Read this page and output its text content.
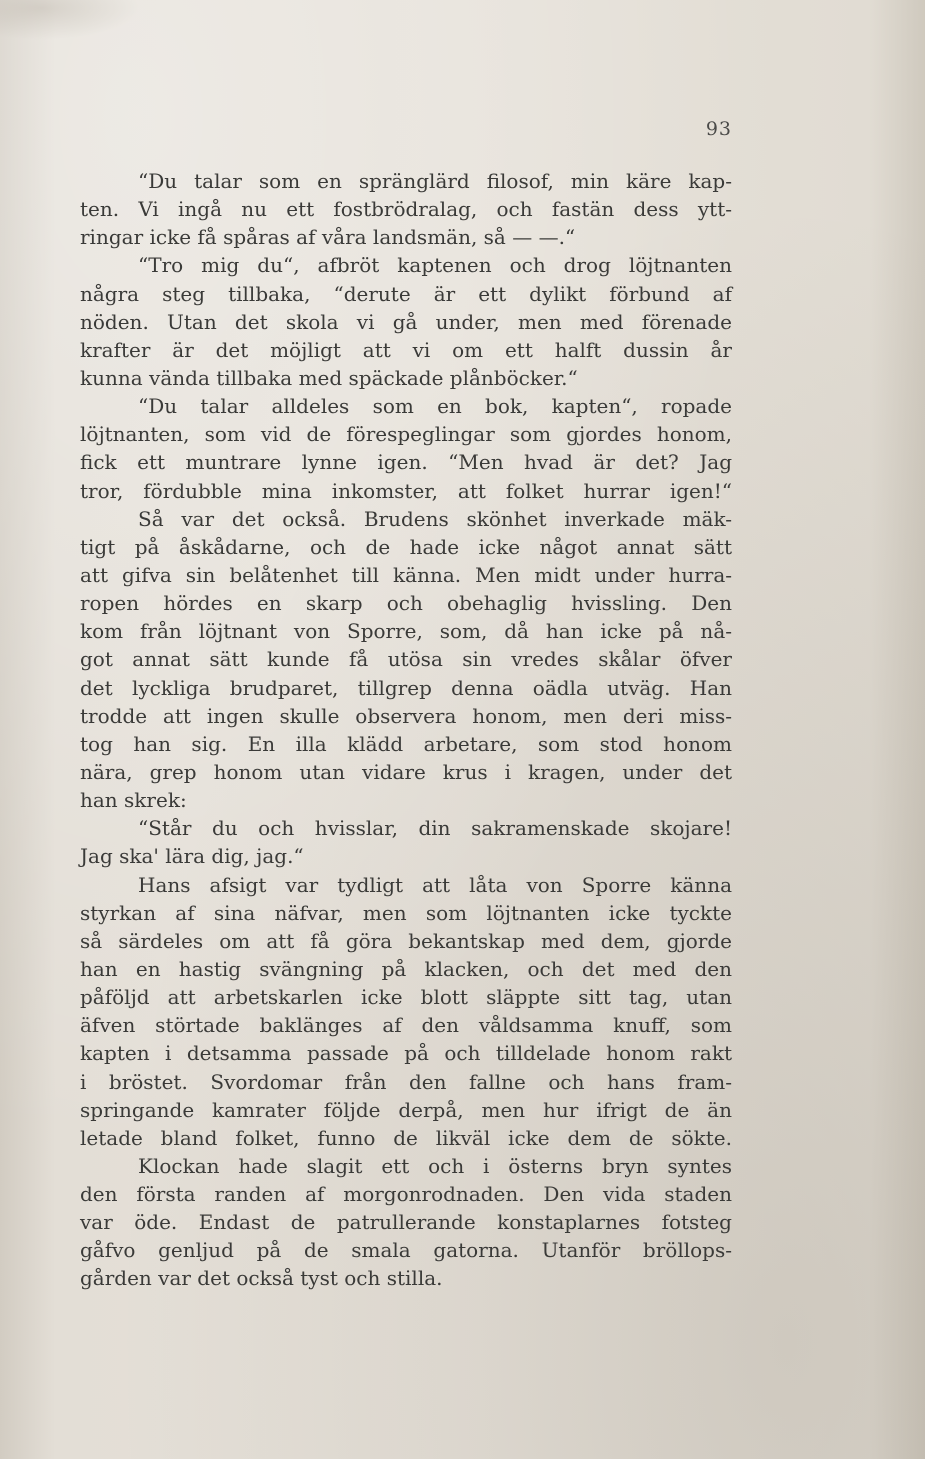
93
“Du talar som en spränglärd filosof, min käre kap-
ten. Vi ingå nu ett fostbrödralag, och fastän dess ytt-
ringar icke få spåras af våra landsmän, så — —.“
“Tro mig du“, afbröt kaptenen och drog löjtnanten
några steg tillbaka, “derute är ett dylikt förbund af
nöden. Utan det skola vi gå under, men med förenade
krafter är det möjligt att vi om ett halft dussin år
kunna vända tillbaka med späckade plånböcker.“
“Du talar alldeles som en bok, kapten“, ropade
löjtnanten, som vid de förespeglingar som gjordes honom,
fick ett muntrare lynne igen. “Men hvad är det? Jag
tror, fördubble mina inkomster, att folket hurrar igen!“
Så var det också. Brudens skönhet inverkade mäk-
tigt på åskådarne, och de hade icke något annat sätt
att gifva sin belåtenhet till känna. Men midt under hurra-
ropen hördes en skarp och obehaglig hvissling. Den
kom från löjtnant von Sporre, som, då han icke på nå-
got annat sätt kunde få utösa sin vredes skålar öfver
det lyckliga brudparet, tillgrep denna oädla utväg. Han
trodde att ingen skulle observera honom, men deri miss-
tog han sig. En illa klädd arbetare, som stod honom
nära, grep honom utan vidare krus i kragen, under det
han skrek:
“Står du och hvisslar, din sakramenskade skojare!
Jag ska' lära dig, jag.“
Hans afsigt var tydligt att låta von Sporre känna
styrkan af sina näfvar, men som löjtnanten icke tyckte
så särdeles om att få göra bekantskap med dem, gjorde
han en hastig svängning på klacken, och det med den
påföljd att arbetskarlen icke blott släppte sitt tag, utan
äfven störtade baklänges af den våldsamma knuff, som
kapten i detsamma passade på och tilldelade honom rakt
i bröstet. Svordomar från den fallne och hans fram-
springande kamrater följde derpå, men hur ifrigt de än
letade bland folket, funno de likväl icke dem de sökte.
Klockan hade slagit ett och i österns bryn syntes
den första randen af morgonrodnaden. Den vida staden
var öde. Endast de patrullerande konstaplarnes fotsteg
gåfvo genljud på de smala gatorna. Utanför bröllops-
gården var det också tyst och stilla.
